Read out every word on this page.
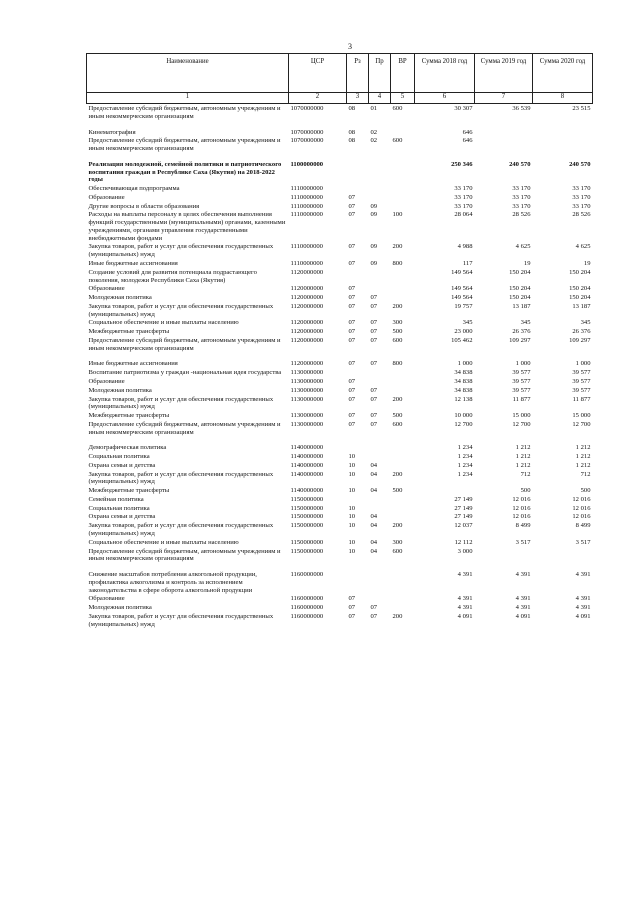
3
Наименование	ЦСР	Рз	Пр	ВР	Сумма 2018 год	Сумма 2019 год	Сумма 2020 год
1	2	3	4	5	6	7	8
Предоставление субсидий бюджетным, автономным учреждениям и иным некоммерческим организациям	1070000000	08	01	600	30 307	36 539	23 515

Кинематография	1070000000	08	02		646		
Предоставление субсидий бюджетным, автономным учреждениям и иным некоммерческим организациям	1070000000	08	02	600	646		

Реализация молодежной, семейной политики и патриотического воспитания граждан в Республике Саха (Якутия) на 2018-2022 годы	1100000000				250 346	240 570	240 570
Обеспечивающая подпрограмма	1110000000				33 170	33 170	33 170
Образование	1110000000	07			33 170	33 170	33 170
Другие вопросы в области образования	1110000000	07	09		33 170	33 170	33 170
Расходы на выплаты персоналу в целях обеспечения выполнения функций государственными (муниципальными) органами, казенными учреждениями, органами управления государственными внебюджетными фондами	1110000000	07	09	100	28 064	28 526	28 526
Закупка товаров, работ и услуг для обеспечения государственных (муниципальных) нужд	1110000000	07	09	200	4 988	4 625	4 625
Иные бюджетные ассигнования	1110000000	07	09	800	117	19	19
Создание условий для развития потенциала подрастающего поколения, молодежи Республики Саха (Якутия)	1120000000				149 564	150 204	150 204
Образование	1120000000	07			149 564	150 204	150 204
Молодежная политика	1120000000	07	07		149 564	150 204	150 204
Закупка товаров, работ и услуг для обеспечения государственных (муниципальных) нужд	1120000000	07	07	200	19 757	13 187	13 187
Социальное обеспечение и иные выплаты населению	1120000000	07	07	300	345	345	345
Межбюджетные трансферты	1120000000	07	07	500	23 000	26 376	26 376
Предоставление субсидий бюджетным, автономным учреждениям и иным некоммерческим организациям	1120000000	07	07	600	105 462	109 297	109 297

Иные бюджетные ассигнования	1120000000	07	07	800	1 000	1 000	1 000
Воспитание патриотизма у граждан -национальная идея государства	1130000000				34 838	39 577	39 577
Образование	1130000000	07			34 838	39 577	39 577
Молодежная политика	1130000000	07	07		34 838	39 577	39 577
Закупка товаров, работ и услуг для обеспечения государственных (муниципальных) нужд	1130000000	07	07	200	12 138	11 877	11 877
Межбюджетные трансферты	1130000000	07	07	500	10 000	15 000	15 000
Предоставление субсидий бюджетным, автономным учреждениям и иным некоммерческим организациям	1130000000	07	07	600	12 700	12 700	12 700

Демографическая политика	1140000000				1 234	1 212	1 212
Социальная политика	1140000000	10			1 234	1 212	1 212
Охрана семьи и детства	1140000000	10	04		1 234	1 212	1 212
Закупка товаров, работ и услуг для обеспечения государственных (муниципальных) нужд	1140000000	10	04	200	1 234	712	712
Межбюджетные трансферты	1140000000	10	04	500		500	500
Семейная политика	1150000000				27 149	12 016	12 016
Социальная политика	1150000000	10			27 149	12 016	12 016
Охрана семьи и детства	1150000000	10	04		27 149	12 016	12 016
Закупка товаров, работ и услуг для обеспечения государственных (муниципальных) нужд	1150000000	10	04	200	12 037	8 499	8 499
Социальное обеспечение и иные выплаты населению	1150000000	10	04	300	12 112	3 517	3 517
Предоставление субсидий бюджетным, автономным учреждениям и иным некоммерческим организациям	1150000000	10	04	600	3 000		

Снижение масштабов потребления алкогольной продукции, профилактика алкоголизма и контроль за исполнением законодательства в сфере оборота алкогольной продукции	1160000000				4 391	4 391	4 391
Образование	1160000000	07			4 391	4 391	4 391
Молодежная политика	1160000000	07	07		4 391	4 391	4 391
Закупка товаров, работ и услуг для обеспечения государственных (муниципальных) нужд	1160000000	07	07	200	4 091	4 091	4 091
